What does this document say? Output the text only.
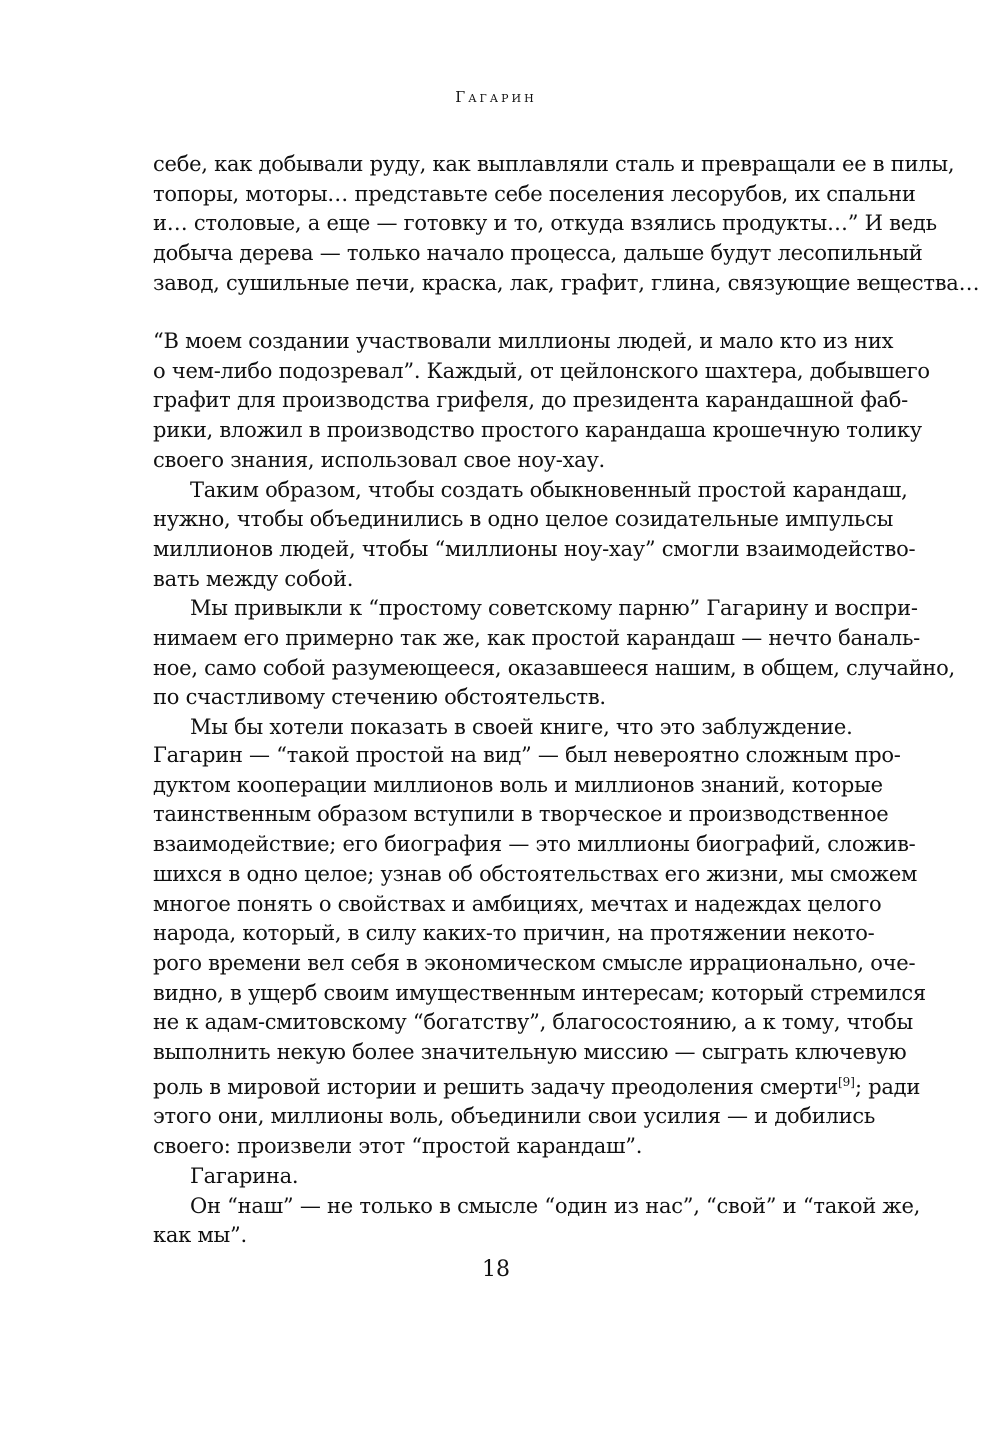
Гагарин
себе, как добывали руду, как выплавляли сталь и превращали ее в пилы,
топоры, моторы… представьте себе поселения лесорубов, их спальни
и… столовые, а еще — готовку и то, откуда взялись продукты…” И ведь
добыча дерева — только начало процесса, дальше будут лесопильный
завод, сушильные печи, краска, лак, графит, глина, связующие вещества…
“В моем создании участвовали миллионы людей, и мало кто из них
о чем-либо подозревал”. Каждый, от цейлонского шахтера, добывшего
графит для производства грифеля, до президента карандашной фаб-
рики, вложил в производство простого карандаша крошечную толику
своего знания, использовал свое ноу-хау.
Таким образом, чтобы создать обыкновенный простой карандаш,
нужно, чтобы объединились в одно целое созидательные импульсы
миллионов людей, чтобы “миллионы ноу-хау” смогли взаимодейство-
вать между собой.
Мы привыкли к “простому советскому парню” Гагарину и воспри-
нимаем его примерно так же, как простой карандаш — нечто баналь-
ное, само собой разумеющееся, оказавшееся нашим, в общем, случайно,
по счастливому стечению обстоятельств.
Мы бы хотели показать в своей книге, что это заблуждение.
Гагарин — “такой простой на вид” — был невероятно сложным про-
дуктом кооперации миллионов воль и миллионов знаний, которые
таинственным образом вступили в творческое и производственное
взаимодействие; его биография — это миллионы биографий, сложив-
шихся в одно целое; узнав об обстоятельствах его жизни, мы сможем
многое понять о свойствах и амбициях, мечтах и надеждах целого
народа, который, в силу каких-то причин, на протяжении некото-
рого времени вел себя в экономическом смысле иррационально, оче-
видно, в ущерб своим имущественным интересам; который стремился
не к адам-смитовскому “богатству”, благосостоянию, а к тому, чтобы
выполнить некую более значительную миссию — сыграть ключевую
роль в мировой истории и решить задачу преодоления смерти[9]; ради
этого они, миллионы воль, объединили свои усилия — и добились
своего: произвели этот “простой карандаш”.
Гагарина.
Он “наш” — не только в смысле “один из нас”, “свой” и “такой же,
как мы”.
18
